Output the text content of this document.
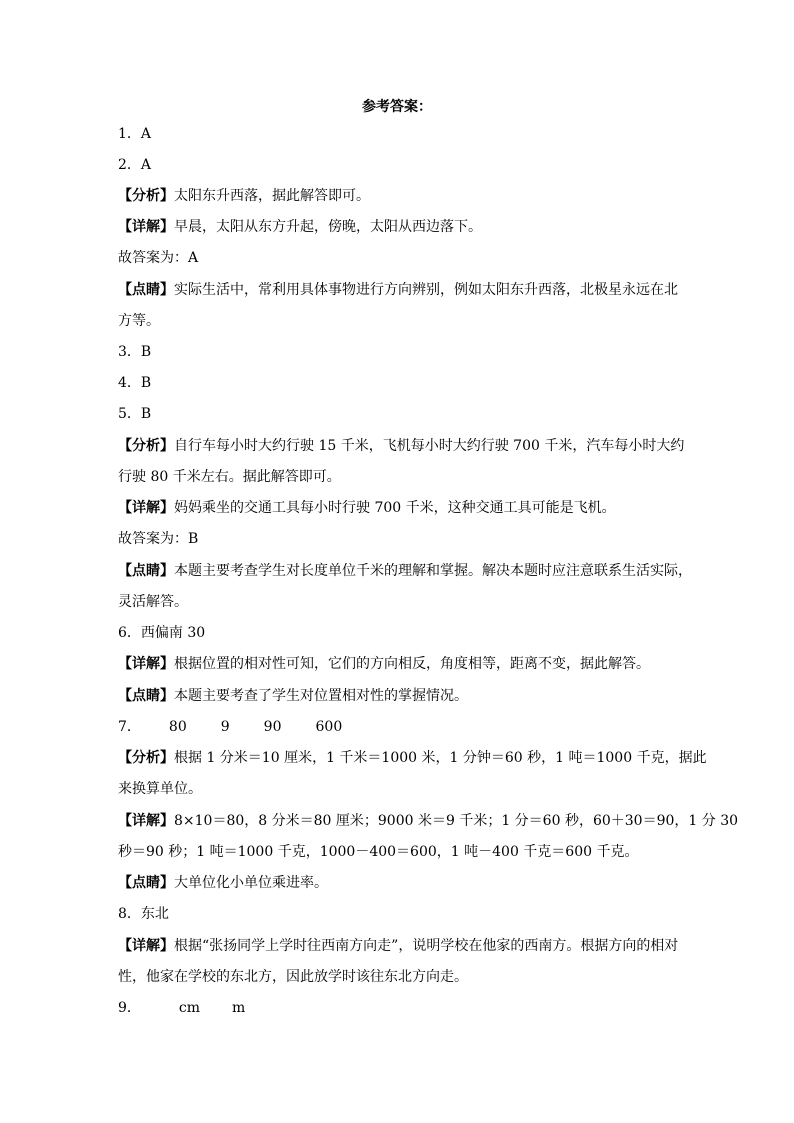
参考答案：
1．A
2．A
【分析】太阳东升西落，据此解答即可。
【详解】早晨，太阳从东方升起，傍晚，太阳从西边落下。
故答案为：A
【点睛】实际生活中，常利用具体事物进行方向辨别，例如太阳东升西落，北极星永远在北
方等。
3．B
4．B
5．B
【分析】自行车每小时大约行驶 15 千米，飞机每小时大约行驶 700 千米，汽车每小时大约
行驶 80 千米左右。据此解答即可。
【详解】妈妈乘坐的交通工具每小时行驶 700 千米，这种交通工具可能是飞机。
故答案为：B
【点睛】本题主要考查学生对长度单位千米的理解和掌握。解决本题时应注意联系生活实际，
灵活解答。
6．西偏南 30
【详解】根据位置的相对性可知，它们的方向相反，角度相等，距离不变，据此解答。
【点睛】本题主要考查了学生对位置相对性的掌握情况。
7． 80 9 90 600
【分析】根据 1 分米＝10 厘米，1 千米＝1000 米，1 分钟＝60 秒，1 吨＝1000 千克，据此
来换算单位。
【详解】8×10＝80，8 分米＝80 厘米；9000 米＝9 千米；1 分＝60 秒，60＋30＝90，1 分 30
秒＝90 秒；1 吨＝1000 千克，1000－400＝600，1 吨－400 千克＝600 千克。
【点睛】大单位化小单位乘进率。
8．东北
【详解】根据“张扬同学上学时往西南方向走”，说明学校在他家的西南方。根据方向的相对
性，他家在学校的东北方，因此放学时该往东北方向走。
9．	cm m
